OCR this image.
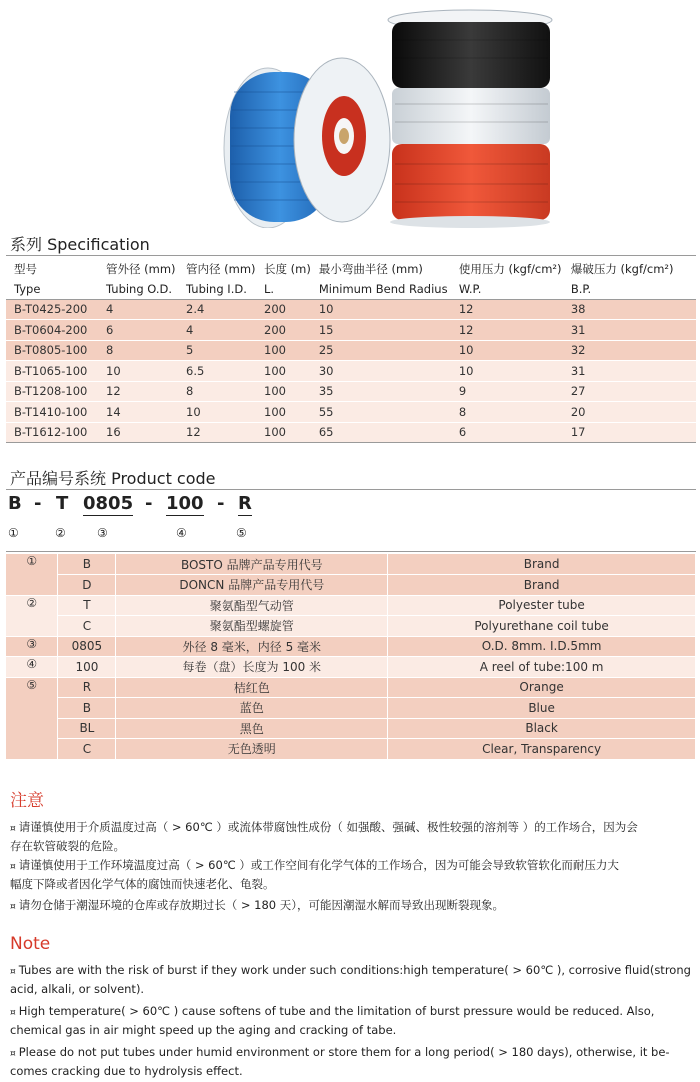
系列 Specification
型号	管外径 (mm)	管内径 (mm)	长度 (m)	最小弯曲半径 (mm)	使用压力 (kgf/cm²)	爆破压力 (kgf/cm²)
Type	Tubing O.D.	Tubing I.D.	L.	Minimum Bend Radius	W.P.	B.P.
B-T0425-200	4	2.4	200	10	12	38
B-T0604-200	6	4	200	15	12	31
B-T0805-100	8	5	100	25	10	32
B-T1065-100	10	6.5	100	30	10	31
B-T1208-100	12	8	100	35	9	27
B-T1410-100	14	10	100	55	8	20
B-T1612-100	16	12	100	65	6	17
产品编号系统 Product code
B - T 0805 - 100 - R
①	②	③	④	⑤
①	B	BOSTO 品牌产品专用代号	Brand
	D	DONCN 品牌产品专用代号	Brand
②	T	聚氨酯型气动管	Polyester tube
	C	聚氨酯型螺旋管	Polyurethane coil tube
③	0805	外径 8 毫米，内径 5 毫米	O.D. 8mm. I.D.5mm
④	100	每卷（盘）长度为 100 米	A reel of tube:100 m
⑤	R	桔红色	Orange
	B	蓝色	Blue
	BL	黑色	Black
	C	无色透明	Clear, Transparency
注意
¤ 请谨慎使用于介质温度过高（ > 60℃ ）或流体带腐蚀性成份（ 如强酸、强碱、极性较强的溶剂等 ）的工作场合，因为会
存在软管破裂的危险。
¤ 请谨慎使用于工作环境温度过高（ > 60℃ ）或工作空间有化学气体的工作场合，因为可能会导致软管软化而耐压力大
幅度下降或者因化学气体的腐蚀而快速老化、龟裂。
¤ 请勿仓储于潮湿环境的仓库或存放期过长（ > 180 天），可能因潮湿水解而导致出现断裂现象。
Note
¤ Tubes are with the risk of burst if they work under such conditions:high temperature( > 60℃ ), corrosive fluid(strong
acid, alkali, or solvent).
¤ High temperature( > 60℃ ) cause softens of tube and the limitation of burst pressure would be reduced. Also,
chemical gas in air might speed up the aging and cracking of tabe.
¤ Please do not put tubes under humid environment or store them for a long period( > 180 days), otherwise, it be-
comes cracking due to hydrolysis effect.
